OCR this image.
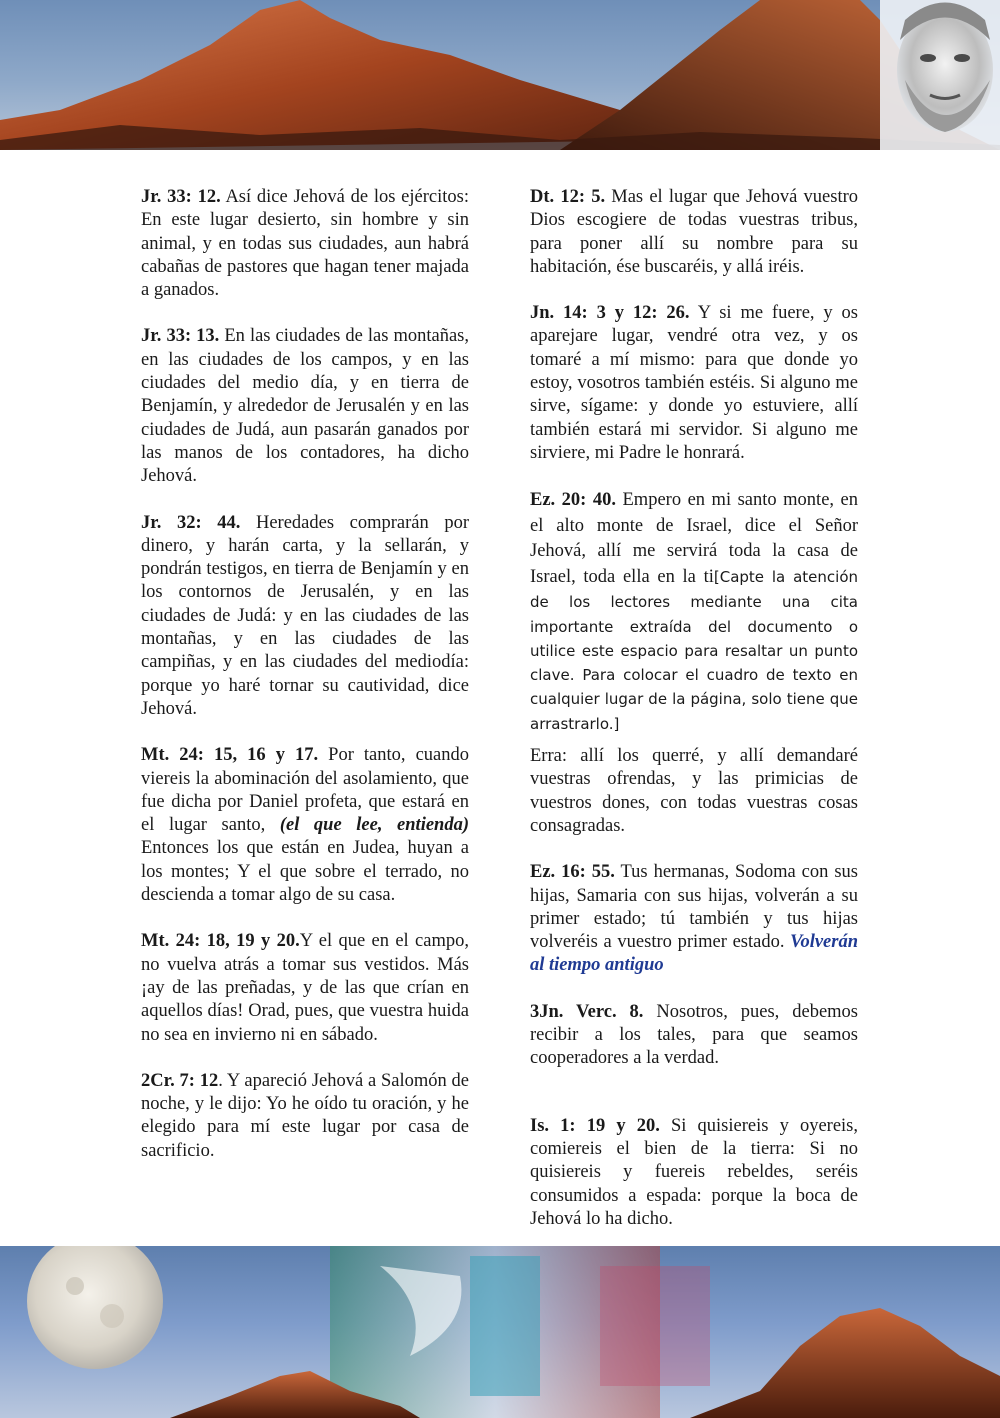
Jr. 33: 12. Así dice Jehová de los ejércitos: En este lugar desierto, sin hombre y sin animal, y en todas sus ciudades, aun habrá cabañas de pastores que hagan tener majada a ganados.

Jr. 33: 13. En las ciudades de las montañas, en las ciudades de los campos, y en las ciudades del medio día, y en tierra de Benjamín, y alrededor de Jerusalén y en las ciudades de Judá, aun pasarán ganados por las manos de los contadores, ha dicho Jehová.

Jr. 32: 44. Heredades comprarán por dinero, y harán carta, y la sellarán, y pondrán testigos, en tierra de Benjamín y en los contornos de Jerusalén, y en las ciudades de Judá: y en las ciudades de las montañas, y en las ciudades de las campiñas, y en las ciudades del mediodía: porque yo haré tornar su cautividad, dice Jehová.

Mt. 24: 15, 16 y 17. Por tanto, cuando viereis la abominación del asolamiento, que fue dicha por Daniel profeta, que estará en el lugar santo, (el que lee, entienda) Entonces los que están en Judea, huyan a los montes; Y el que sobre el terrado, no descienda a tomar algo de su casa.

Mt. 24: 18, 19 y 20.Y el que en el campo, no vuelva atrás a tomar sus vestidos. Más ¡ay de las preñadas, y de las que crían en aquellos días! Orad, pues, que vuestra huida no sea en invierno ni en sábado.

2Cr. 7: 12. Y apareció Jehová a Salomón de noche, y le dijo: Yo he oído tu oración, y he elegido para mí este lugar por casa de sacrificio.

Dt. 12: 5. Mas el lugar que Jehová vuestro Dios escogiere de todas vuestras tribus, para poner allí su nombre para su habitación, ése buscaréis, y allá iréis.

Jn. 14: 3 y 12: 26. Y si me fuere, y os aparejare lugar, vendré otra vez, y os tomaré a mí mismo: para que donde yo estoy, vosotros también estéis. Si alguno me sirve, sígame: y donde yo estuviere, allí también estará mi servidor. Si alguno me sirviere, mi Padre le honrará.

Ez. 20: 40. Empero en mi santo monte, en el alto monte de Israel, dice el Señor Jehová, allí me servirá toda la casa de Israel, toda ella en la ti[Capte la atención de los lectores mediante una cita importante extraída del documento o utilice este espacio para resaltar un punto clave. Para colocar el cuadro de texto en cualquier lugar de la página, solo tiene que arrastrarlo.]

Erra: allí los querré, y allí demandaré vuestras ofrendas, y las primicias de vuestros dones, con todas vuestras cosas consagradas.

Ez. 16: 55. Tus hermanas, Sodoma con sus hijas, Samaria con sus hijas, volverán a su primer estado; tú también y tus hijas volveréis a vuestro primer estado. Volverán al tiempo antiguo

3Jn. Verc. 8. Nosotros, pues, debemos recibir a los tales, para que seamos cooperadores a la verdad.

Is. 1: 19 y 20. Si quisiereis y oyereis, comiereis el bien de la tierra: Si no quisiereis y fuereis rebeldes, seréis consumidos a espada: porque la boca de Jehová lo ha dicho.
